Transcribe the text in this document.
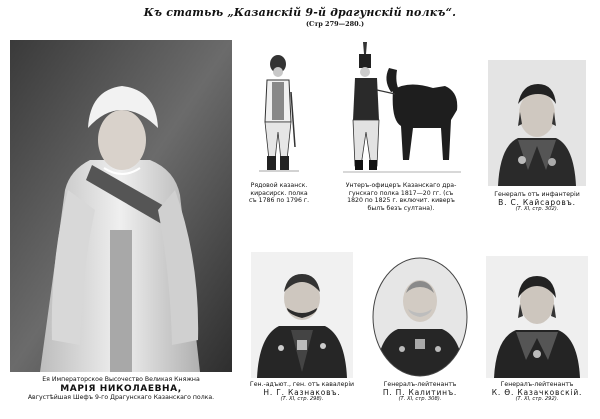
Къ статьѣ „Казанскiй 9-й драгунскiй полкъ“.
(Стр 279—280.)
Ея Императорское Высочество Великая Княжна
МАРIЯ НИКОЛАЕВНА,
Августѣйшая Шефъ 9-го Драгунскаго Казанскаго полка.
Рядовой казанск.
кирасирск. полка
съ 1786 по 1796 г.
Унтеръ-офицеръ Казанскаго дра-
гунскаго полка 1817—20 гг. (съ
1820 по 1825 г. включит. киверъ
былъ безъ султана).
Генералъ отъ инфантерiи
В. С. Кайсаровъ.
(Т. XI, стр. 302).
Ген.-адъют., ген. отъ кавалерiи
Н. Г. Казнаковъ.
(Т. XI, стр. 298).
Генералъ-лейтенантъ
П. П. Калитинъ.
(Т. XI, стр. 308).
Генералъ-лейтенантъ
К. Ѳ. Казачковскiй.
(Т. XI, стр. 292).
